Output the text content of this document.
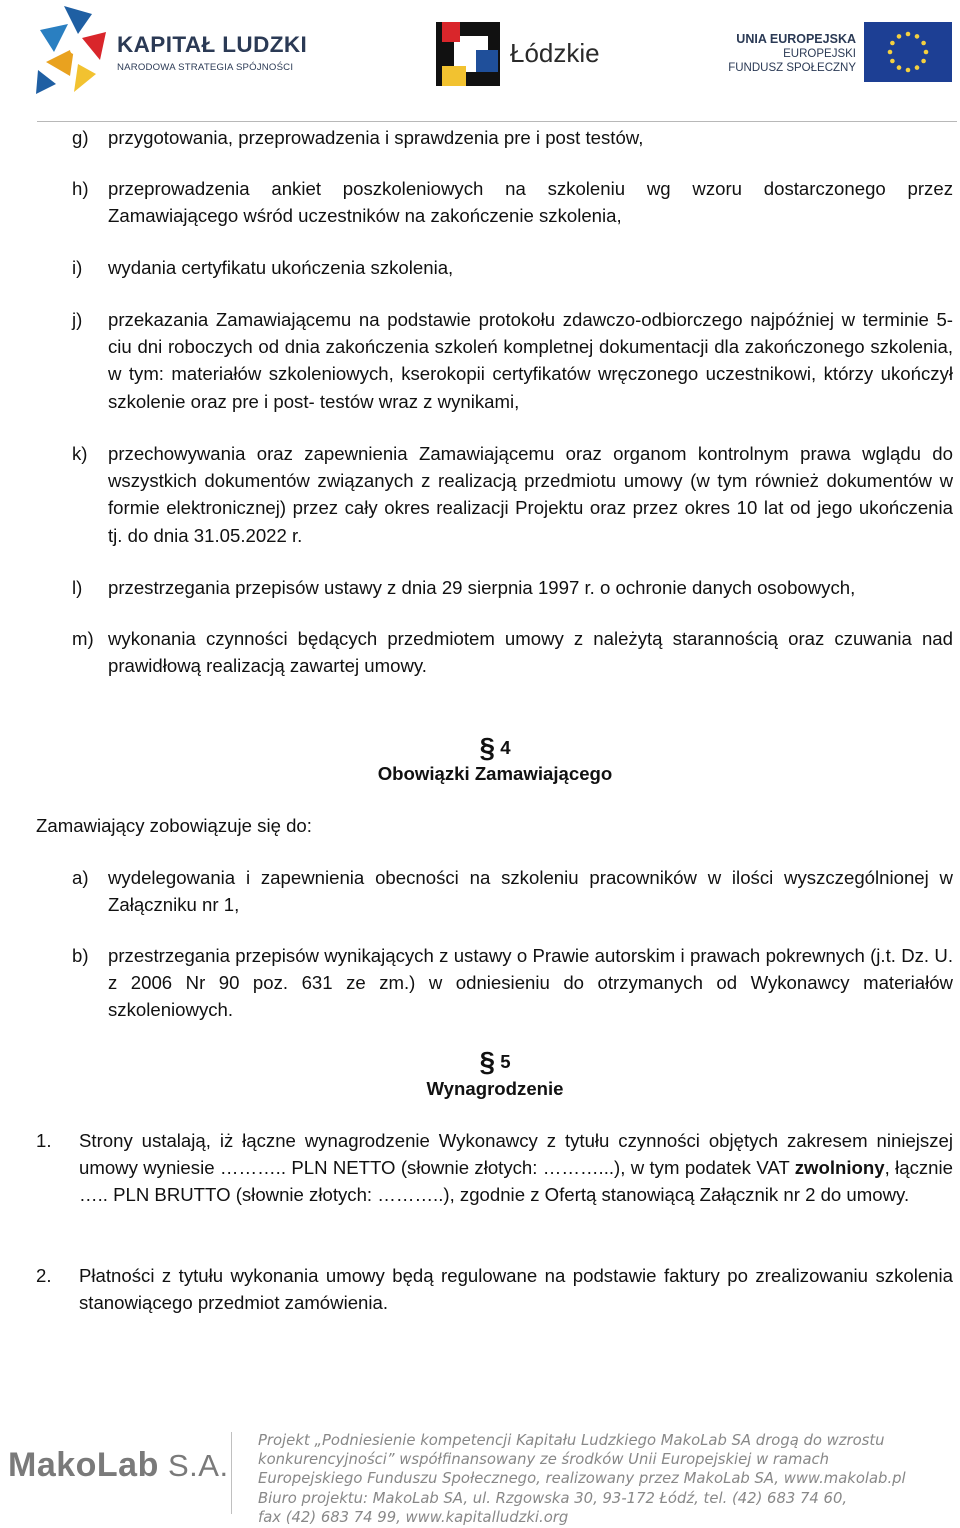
KAPITAŁ LUDZKI
NARODOWA STRATEGIA SPÓJNOŚCI	Łódzkie	UNIA EUROPEJSKA
EUROPEJSKI
FUNDUSZ SPOŁECZNY
g) przygotowania, przeprowadzenia i sprawdzenia pre i post testów,
h) przeprowadzenia ankiet poszkoleniowych na szkoleniu wg wzoru dostarczonego przez Zamawiającego wśród uczestników na zakończenie szkolenia,
i) wydania certyfikatu ukończenia szkolenia,
j) przekazania Zamawiającemu na podstawie protokołu zdawczo-odbiorczego najpóźniej w terminie 5-ciu dni roboczych od dnia zakończenia szkoleń kompletnej dokumentacji dla zakończonego szkolenia, w tym: materiałów szkoleniowych, kserokopii certyfikatów wręczonego uczestnikowi, którzy ukończył szkolenie oraz pre i post- testów wraz z wynikami,
k) przechowywania oraz zapewnienia Zamawiającemu oraz organom kontrolnym prawa wglądu do wszystkich dokumentów związanych z realizacją przedmiotu umowy (w tym również dokumentów w formie elektronicznej) przez cały okres realizacji Projektu oraz przez okres 10 lat od jego ukończenia tj. do dnia 31.05.2022 r.
l) przestrzegania przepisów ustawy z dnia 29 sierpnia 1997 r. o ochronie danych osobowych,
m) wykonania czynności będących przedmiotem umowy z należytą starannością oraz czuwania nad prawidłową realizacją zawartej umowy.
§ 4
Obowiązki Zamawiającego
Zamawiający zobowiązuje się do:
a) wydelegowania i zapewnienia obecności na szkoleniu pracowników w ilości wyszczególnionej w Załączniku nr 1,
b) przestrzegania przepisów wynikających z ustawy o Prawie autorskim i prawach pokrewnych (j.t. Dz. U. z 2006 Nr 90 poz. 631 ze zm.) w odniesieniu do otrzymanych od Wykonawcy materiałów szkoleniowych.
§ 5
Wynagrodzenie
1. Strony ustalają, iż łączne wynagrodzenie Wykonawcy z tytułu czynności objętych zakresem niniejszej umowy wyniesie ……….. PLN NETTO (słownie złotych: ………...), w tym podatek VAT zwolniony, łącznie ….. PLN BRUTTO (słownie złotych: ………..), zgodnie z Ofertą stanowiącą Załącznik nr 2 do umowy.
2. Płatności z tytułu wykonania umowy będą regulowane na podstawie faktury po zrealizowaniu szkolenia stanowiącego przedmiot zamówienia.
MakoLab S.A.
Projekt „Podniesienie kompetencji Kapitału Ludzkiego MakoLab SA drogą do wzrostu
konkurencyjności” współfinansowany ze środków Unii Europejskiej w ramach
Europejskiego Funduszu Społecznego, realizowany przez MakoLab SA, www.makolab.pl
Biuro projektu: MakoLab SA, ul. Rzgowska 30, 93-172 Łódź, tel. (42) 683 74 60,
fax (42) 683 74 99, www.kapitalludzki.org
